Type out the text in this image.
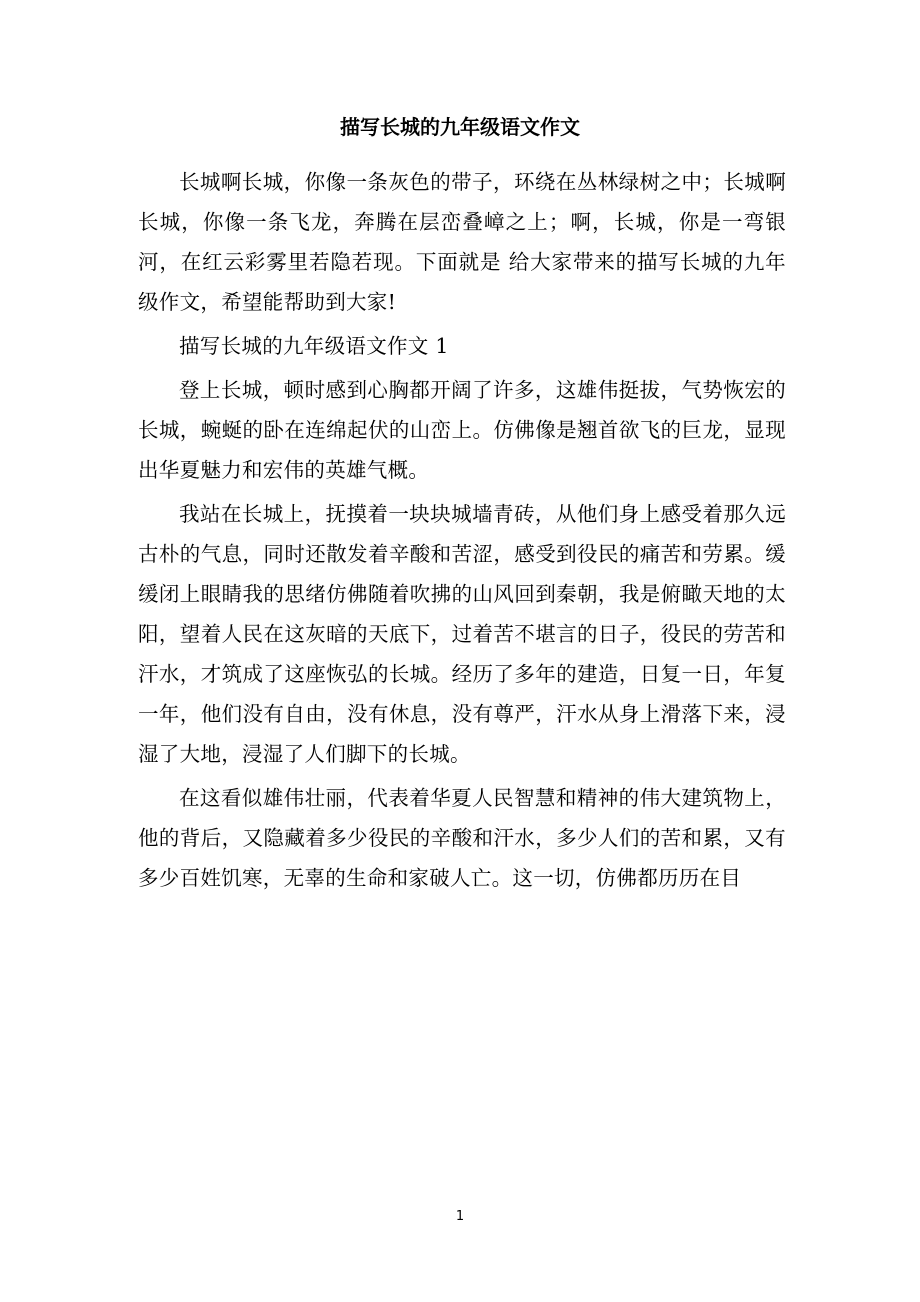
描写长城的九年级语文作文

长城啊长城，你像一条灰色的带子，环绕在丛林绿树之中；长城啊长城，你像一条飞龙，奔腾在层峦叠嶂之上；啊，长城，你是一弯银河，在红云彩雾里若隐若现。下面就是 给大家带来的描写长城的九年级作文，希望能帮助到大家!

描写长城的九年级语文作文 1

登上长城，顿时感到心胸都开阔了许多，这雄伟挺拔，气势恢宏的长城，蜿蜒的卧在连绵起伏的山峦上。仿佛像是翘首欲飞的巨龙，显现出华夏魅力和宏伟的英雄气概。

我站在长城上，抚摸着一块块城墙青砖，从他们身上感受着那久远古朴的气息，同时还散发着辛酸和苦涩，感受到役民的痛苦和劳累。缓缓闭上眼睛我的思绪仿佛随着吹拂的山风回到秦朝，我是俯瞰天地的太阳，望着人民在这灰暗的天底下，过着苦不堪言的日子，役民的劳苦和汗水，才筑成了这座恢弘的长城。经历了多年的建造，日复一日，年复一年，他们没有自由，没有休息，没有尊严，汗水从身上滑落下来，浸湿了大地，浸湿了人们脚下的长城。

在这看似雄伟壮丽，代表着华夏人民智慧和精神的伟大建筑物上，他的背后，又隐藏着多少役民的辛酸和汗水，多少人们的苦和累，又有多少百姓饥寒，无辜的生命和家破人亡。这一切，仿佛都历历在目

1
